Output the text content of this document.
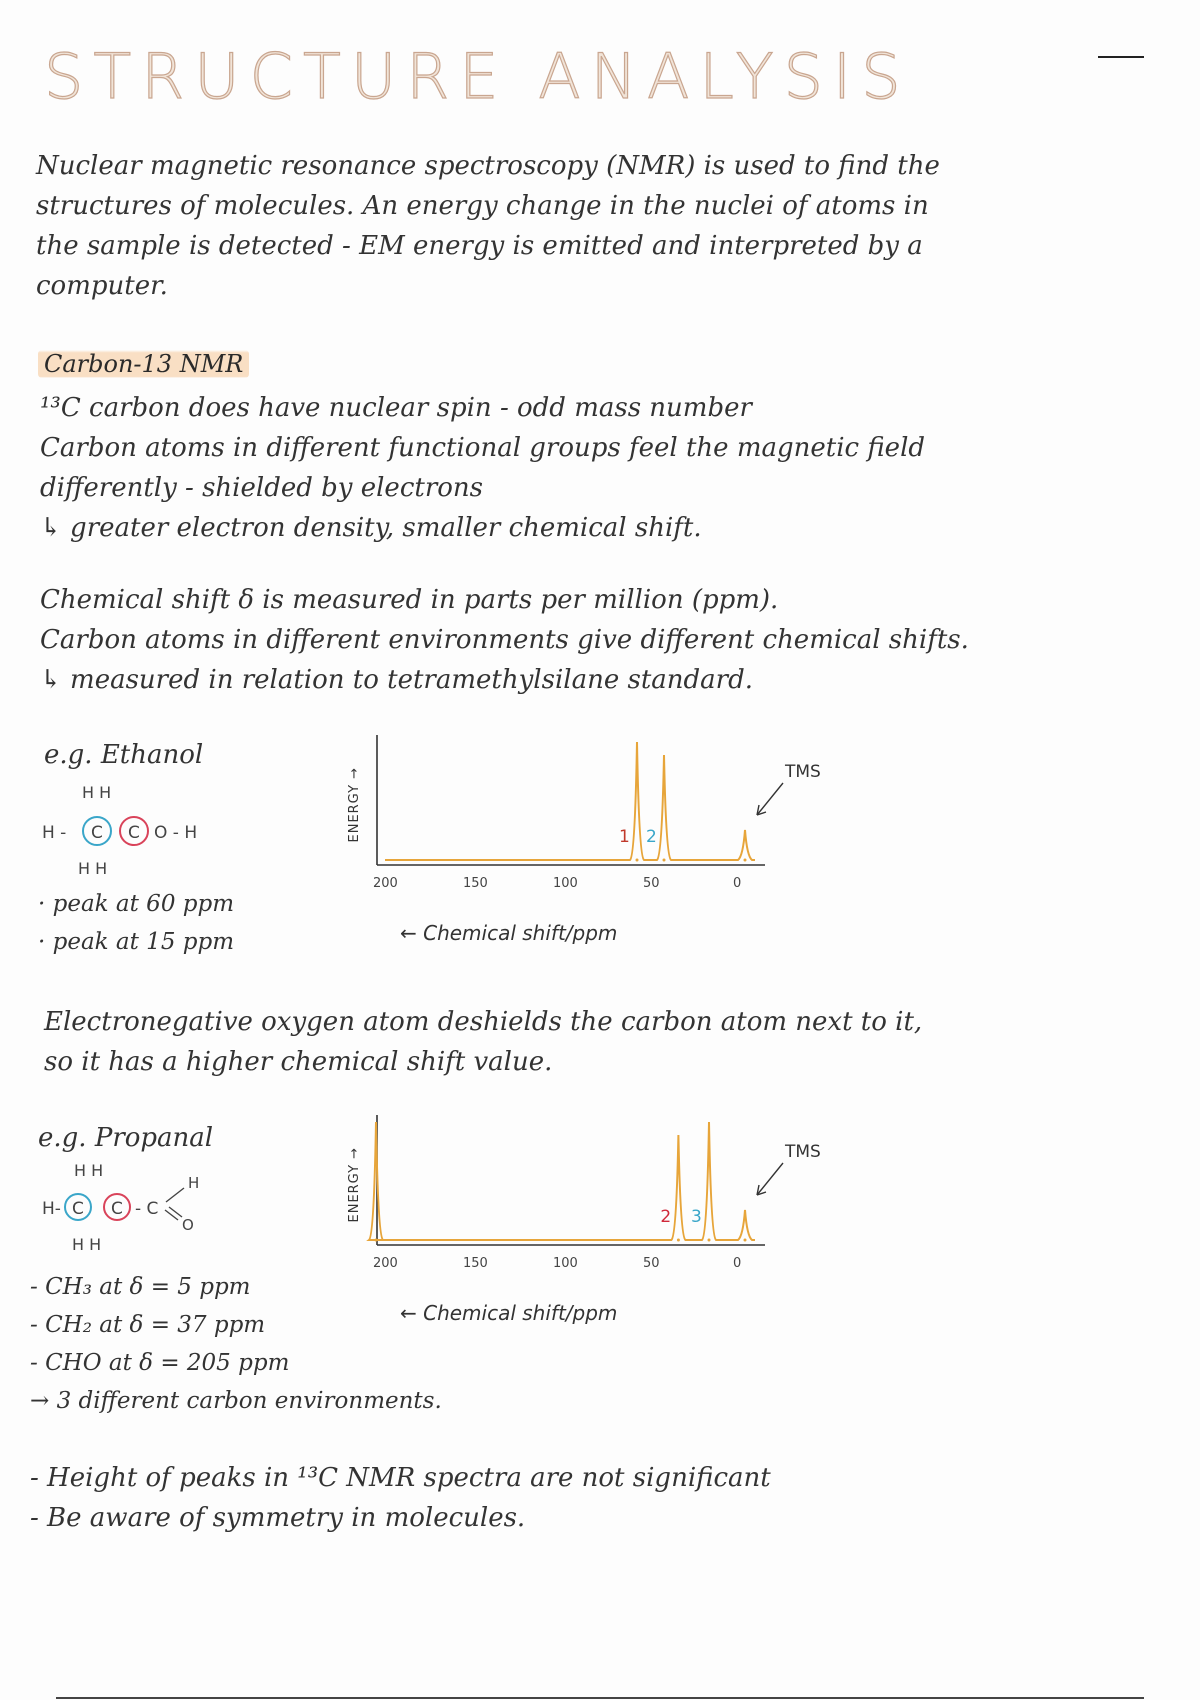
STRUCTURE ANALYSIS
Nuclear magnetic resonance spectroscopy (NMR) is used to find the
structures of molecules. An energy change in the nuclei of atoms in
the sample is detected - EM energy is emitted and interpreted by a
computer.
Carbon-13 NMR
¹³C carbon does have nuclear spin - odd mass number
Carbon atoms in different functional groups feel the magnetic field
differently - shielded by electrons
↳ greater electron density, smaller chemical shift.
Chemical shift δ is measured in parts per million (ppm).
Carbon atoms in different environments give different chemical shifts.
↳ measured in relation to tetramethylsilane standard.
e.g. Ethanol
H H
H - C C O - H
H H
· peak at 60 ppm
· peak at 15 ppm
ENERGY →	1 2
TMS
200	150	100	50	0
← Chemical shift/ppm
Electronegative oxygen atom deshields the carbon atom next to it,
so it has a higher chemical shift value.
e.g. Propanal
H H
H
H- C C - C
O
H H
- CH₃ at δ = 5 ppm
- CH₂ at δ = 37 ppm
- CHO at δ = 205 ppm
→ 3 different carbon environments.
ENERGY →	2 3
TMS
200	150	100	50	0
← Chemical shift/ppm
- Height of peaks in ¹³C NMR spectra are not significant
- Be aware of symmetry in molecules.
